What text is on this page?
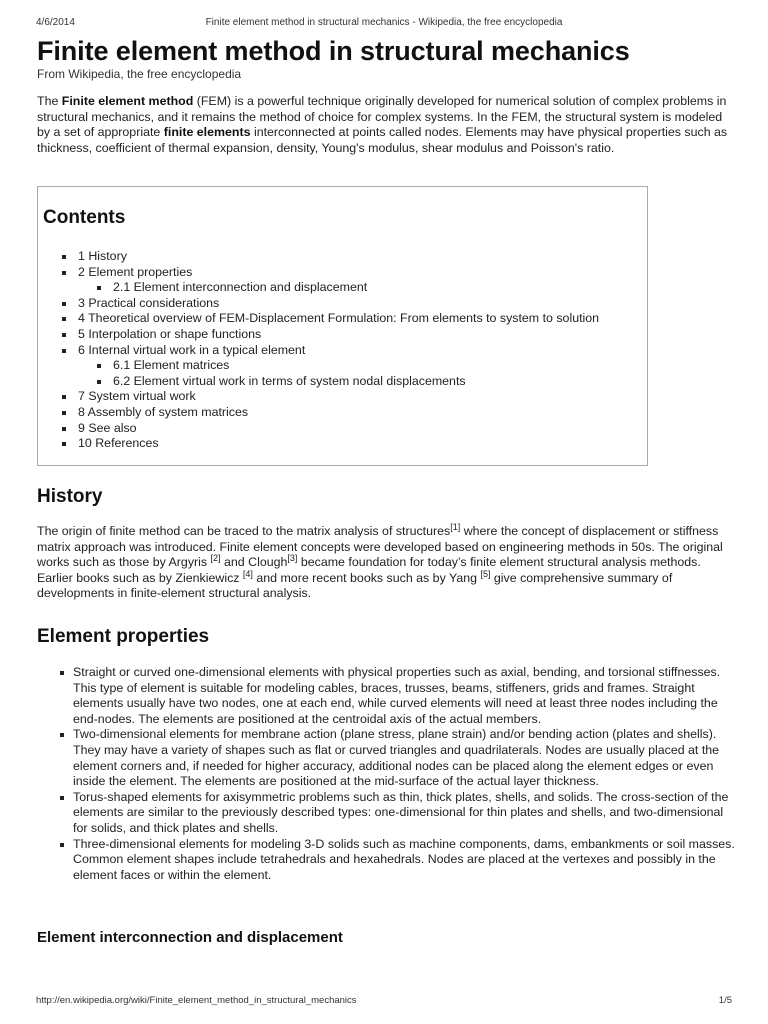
4/6/2014	Finite element method in structural mechanics - Wikipedia, the free encyclopedia
Finite element method in structural mechanics
From Wikipedia, the free encyclopedia

The Finite element method (FEM) is a powerful technique originally developed for numerical solution of complex problems in structural mechanics, and it remains the method of choice for complex systems. In the FEM, the structural system is modeled by a set of appropriate finite elements interconnected at points called nodes. Elements may have physical properties such as thickness, coefficient of thermal expansion, density, Young's modulus, shear modulus and Poisson's ratio.

Contents
1 History
2 Element properties
2.1 Element interconnection and displacement
3 Practical considerations
4 Theoretical overview of FEM-Displacement Formulation: From elements to system to solution
5 Interpolation or shape functions
6 Internal virtual work in a typical element
6.1 Element matrices
6.2 Element virtual work in terms of system nodal displacements
7 System virtual work
8 Assembly of system matrices
9 See also
10 References
History

The origin of finite method can be traced to the matrix analysis of structures[1] where the concept of displacement or stiffness matrix approach was introduced. Finite element concepts were developed based on engineering methods in 50s. The original works such as those by Argyris [2] and Clough[3] became foundation for today’s finite element structural analysis methods. Earlier books such as by Zienkiewicz [4] and more recent books such as by Yang [5] give comprehensive summary of developments in finite-element structural analysis.

Element properties
Straight or curved one-dimensional elements with physical properties such as axial, bending, and torsional stiffnesses. This type of element is suitable for modeling cables, braces, trusses, beams, stiffeners, grids and frames. Straight elements usually have two nodes, one at each end, while curved elements will need at least three nodes including the end-nodes. The elements are positioned at the centroidal axis of the actual members.
Two-dimensional elements for membrane action (plane stress, plane strain) and/or bending action (plates and shells). They may have a variety of shapes such as flat or curved triangles and quadrilaterals. Nodes are usually placed at the element corners and, if needed for higher accuracy, additional nodes can be placed along the element edges or even inside the element. The elements are positioned at the mid-surface of the actual layer thickness.
Torus-shaped elements for axisymmetric problems such as thin, thick plates, shells, and solids. The cross-section of the elements are similar to the previously described types: one-dimensional for thin plates and shells, and two-dimensional for solids, and thick plates and shells.
Three-dimensional elements for modeling 3-D solids such as machine components, dams, embankments or soil masses. Common element shapes include tetrahedrals and hexahedrals. Nodes are placed at the vertexes and possibly in the element faces or within the element.
Element interconnection and displacement
http://en.wikipedia.org/wiki/Finite_element_method_in_structural_mechanics	1/5
